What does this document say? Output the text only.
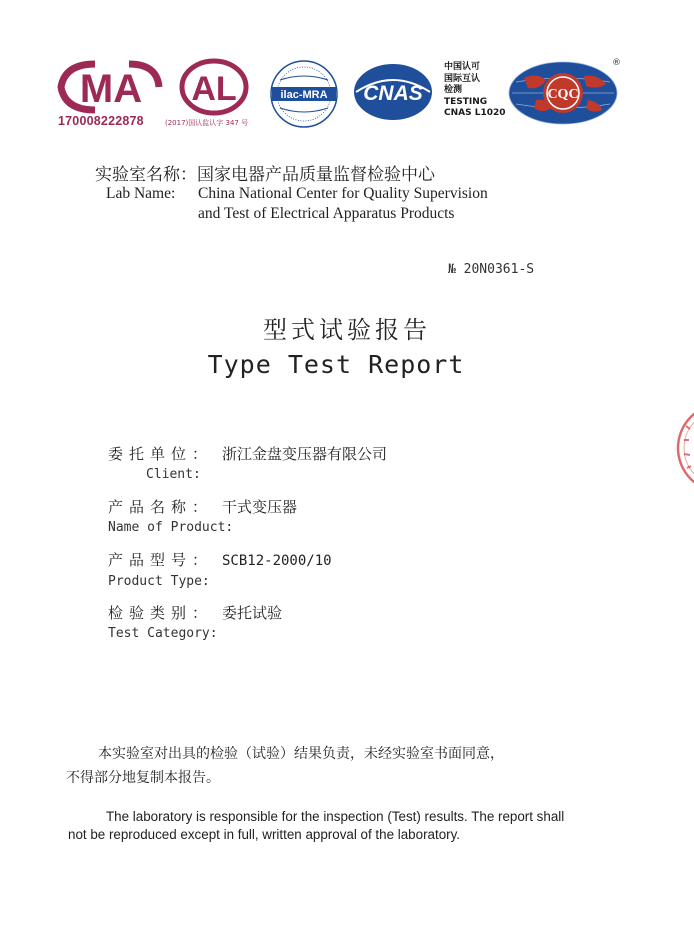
MA
170008222878	(2017)国认监认字 347 号
AL	ilac-MRA CNAS
中国认可
国际互认
检测
TESTING
CNAS L1020
CQC
®
实验室名称：国家电器产品质量监督检验中心
Lab Name: China National Center for Quality Supervision
and Test of Electrical Apparatus Products
№ 20N0361-S
型式试验报告
Type Test Report
委托单位： 浙江金盘变压器有限公司
Client:
产品名称： 干式变压器
Name of Product:
产品型号： SCB12-2000/10
Product Type:
检验类别： 委托试验
Test Category:
本实验室对出具的检验（试验）结果负责，未经实验室书面同意，
不得部分地复制本报告。
The laboratory is responsible for the inspection (Test) results. The report shall
not be reproduced except in full, written approval of the laboratory.
